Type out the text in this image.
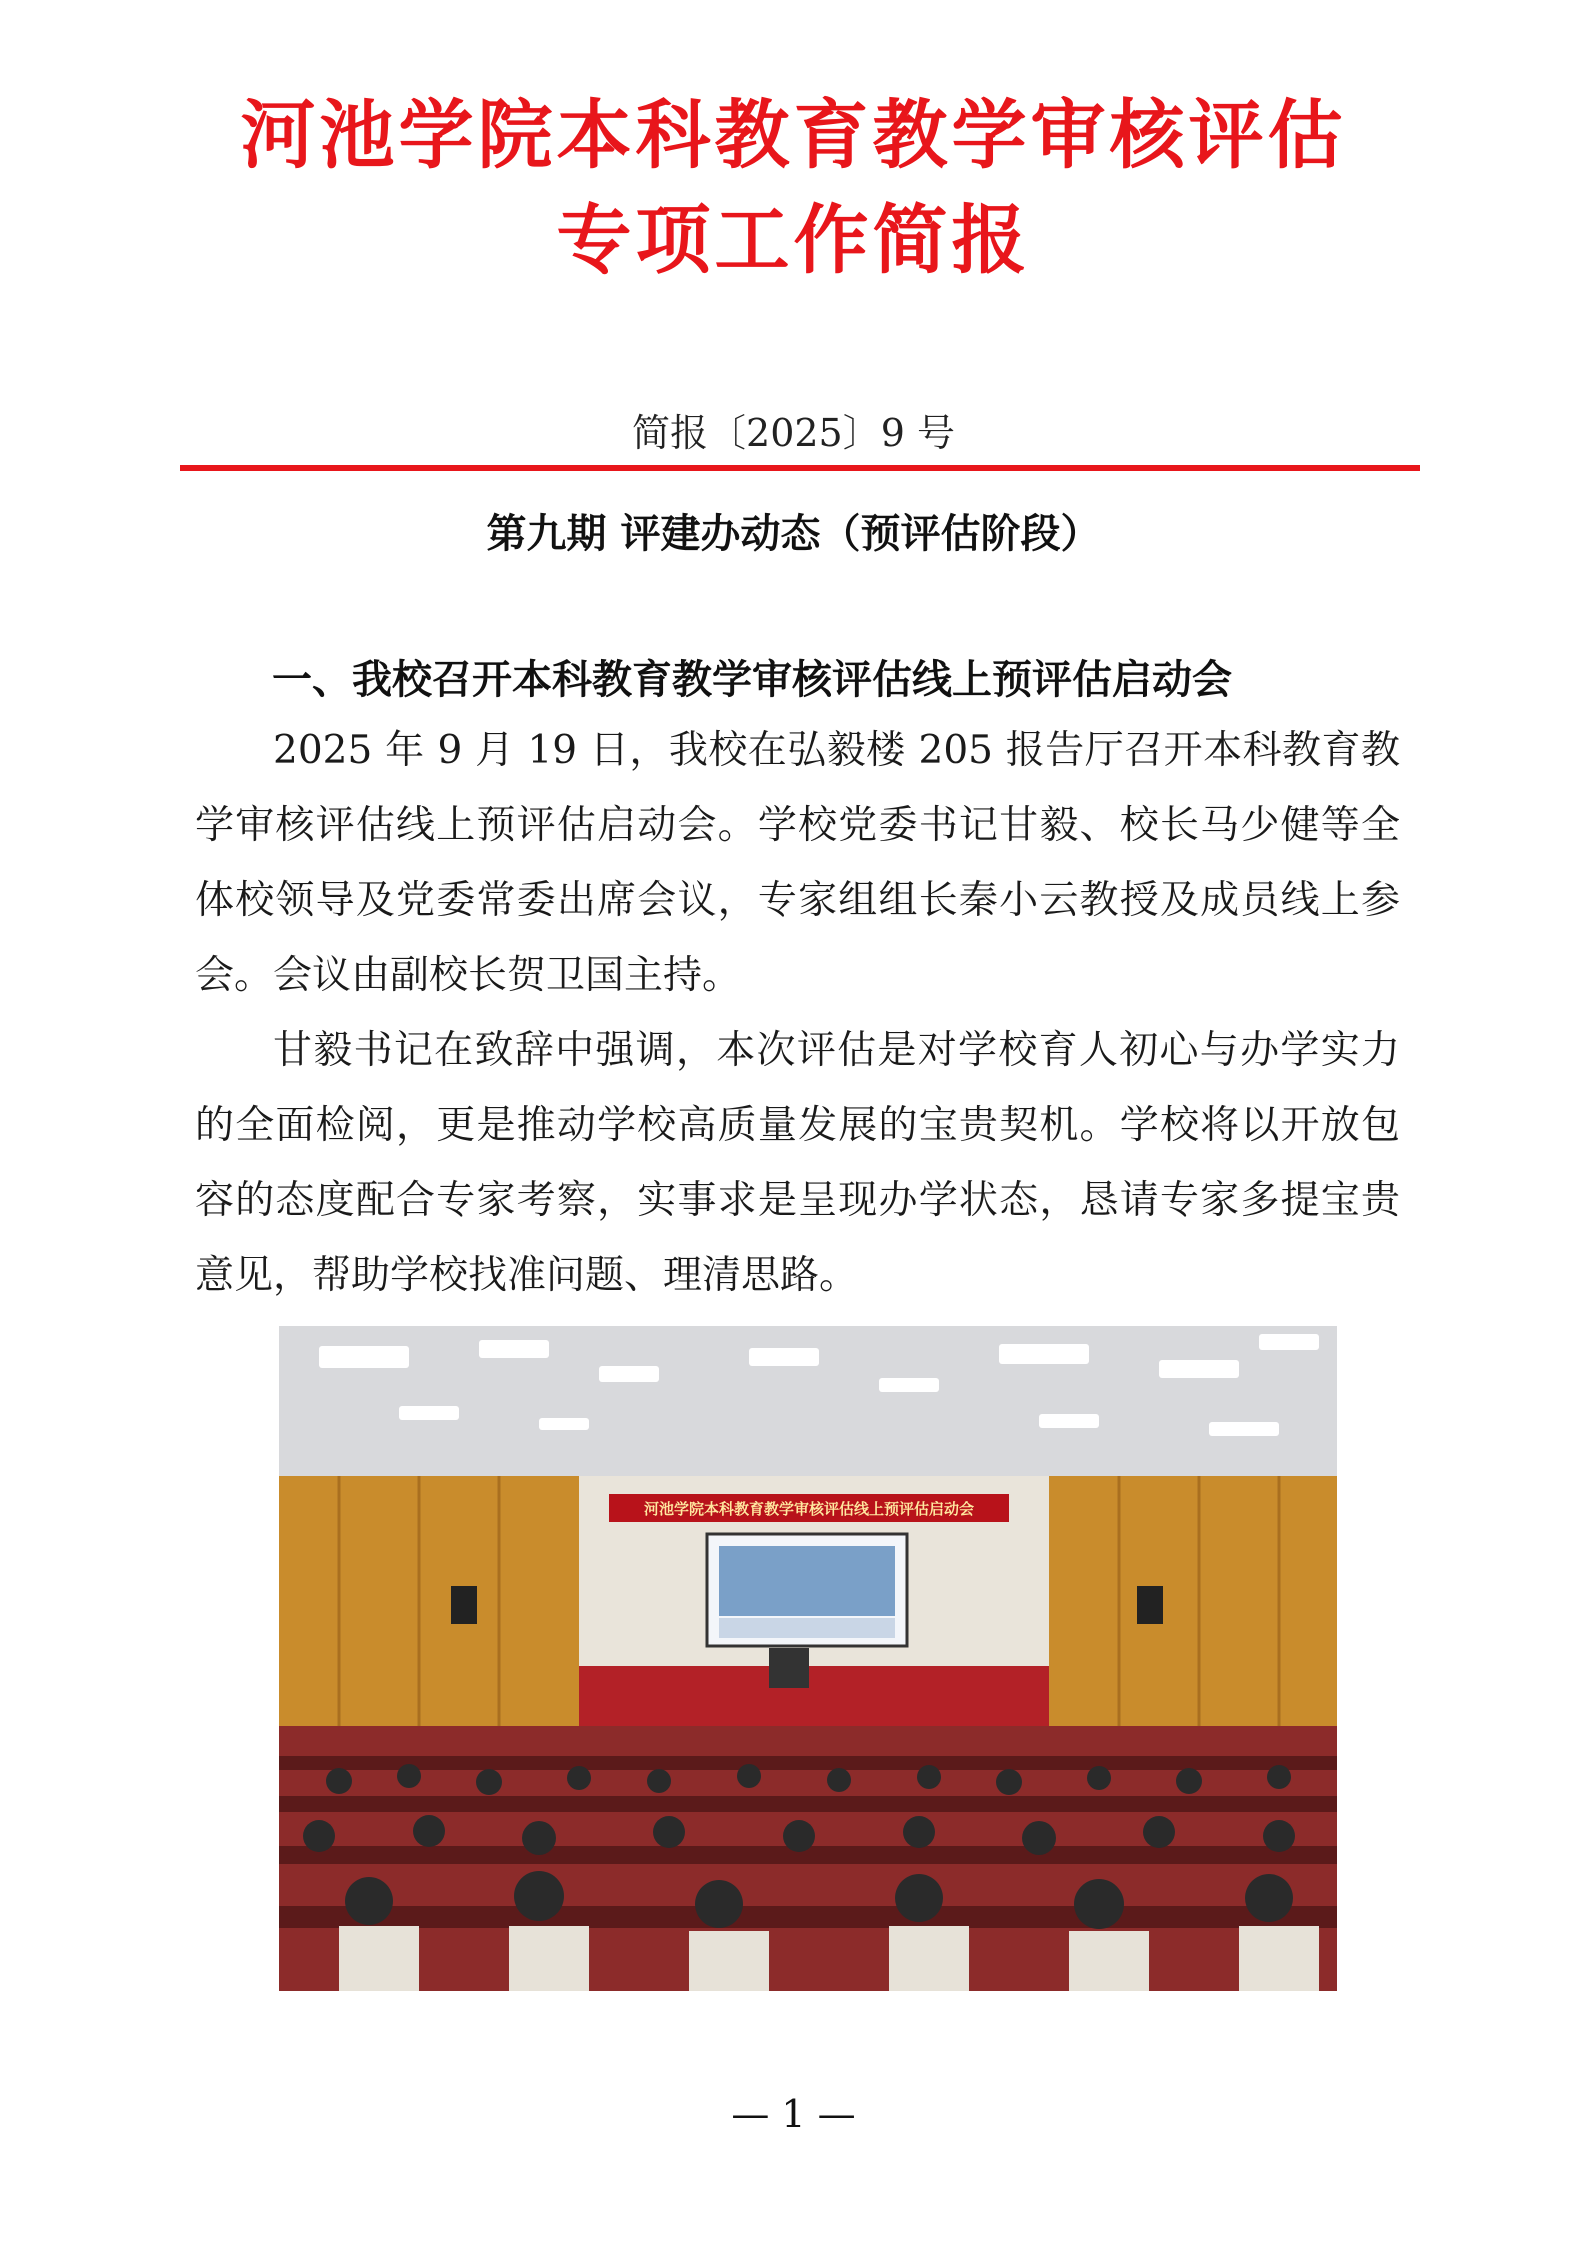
河池学院本科教育教学审核评估
专项工作简报
简报〔2025〕9 号
第九期 评建办动态（预评估阶段）
一、我校召开本科教育教学审核评估线上预评估启动会

2025 年 9 月 19 日，我校在弘毅楼 205 报告厅召开本科教育教学审核评估线上预评估启动会。学校党委书记甘毅、校长马少健等全体校领导及党委常委出席会议，专家组组长秦小云教授及成员线上参会。会议由副校长贺卫国主持。

甘毅书记在致辞中强调，本次评估是对学校育人初心与办学实力的全面检阅，更是推动学校高质量发展的宝贵契机。学校将以开放包容的态度配合专家考察，实事求是呈现办学状态，恳请专家多提宝贵意见，帮助学校找准问题、理清思路。

河池学院本科教育教学审核评估线上预评估启动会
— 1 —
